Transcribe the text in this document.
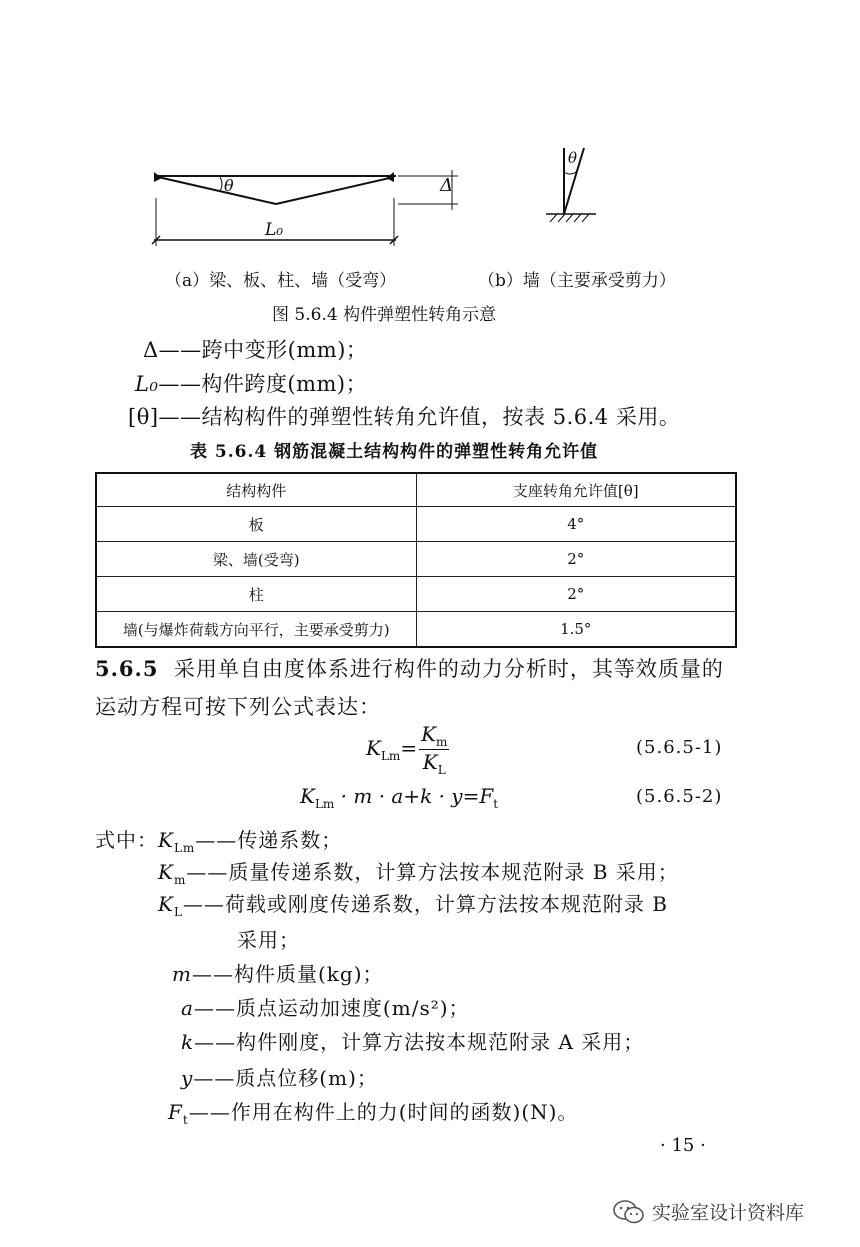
θ	Δ
L₀
θ
（a）梁、板、柱、墙（受弯）	（b）墙（主要承受剪力）
图 5.6.4 构件弹塑性转角示意
Δ——跨中变形(mm)；
L₀——构件跨度(mm)；
[θ]——结构构件的弹塑性转角允许值，按表 5.6.4 采用。
表 5.6.4 钢筋混凝土结构构件的弹塑性转角允许值
结构构件	支座转角允许值[θ]
板	4°
梁、墙(受弯)	2°
柱	2°
墙(与爆炸荷载方向平行，主要承受剪力)	1.5°
5.6.5 采用单自由度体系进行构件的动力分析时，其等效质量的
运动方程可按下列公式表达：
$K_{Lm}= \frac{K_m}{K_L}$	(5.6.5-1)
$K_{Lm} \cdot m \cdot a+k \cdot y=F_t$	(5.6.5-2)
式中：$K_{Lm}——$传递系数；
$K_m——$质量传递系数，计算方法按本规范附录 B 采用；
$K_L——$荷载或刚度传递系数，计算方法按本规范附录 B
采用；
m——构件质量(kg)；
a——质点运动加速度(m/s²)；
k——构件刚度，计算方法按本规范附录 A 采用；
y——质点位移(m)；
$F_t——$作用在构件上的力(时间的函数)(N)。
· 15 ·
实验室设计资料库
